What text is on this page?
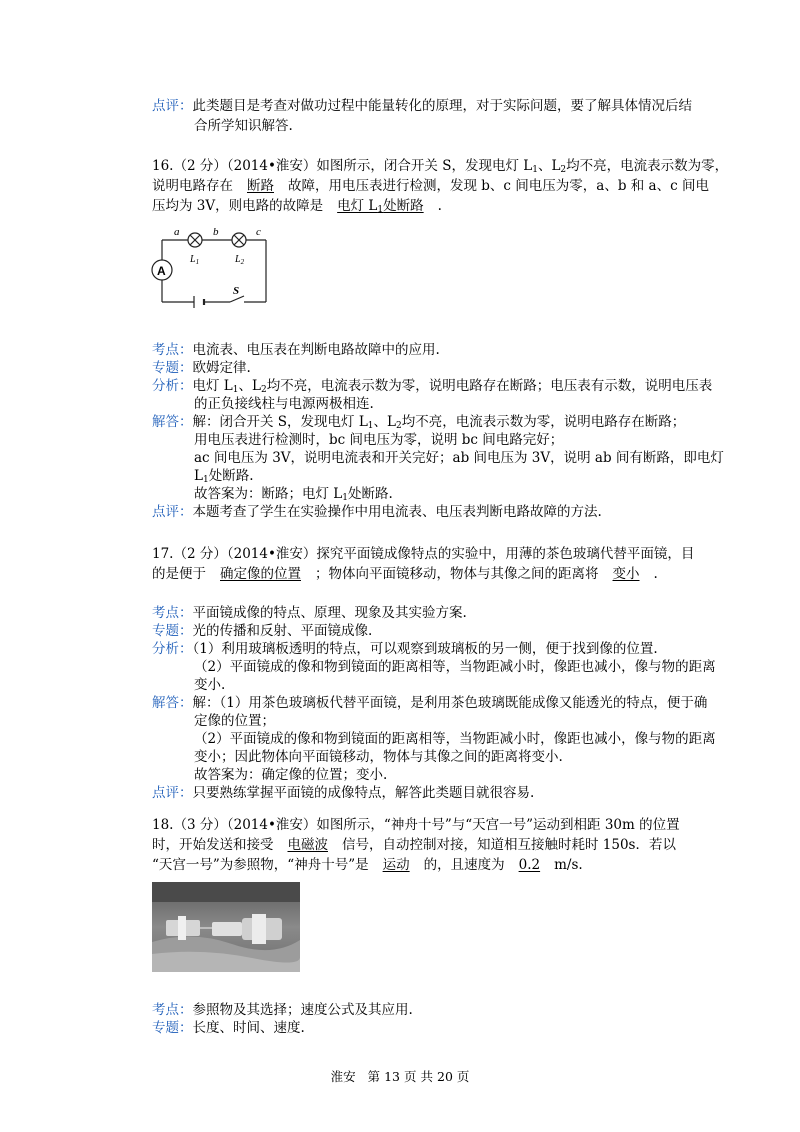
点评：此类题目是考查对做功过程中能量转化的原理，对于实际问题，要了解具体情况后结
合所学知识解答.
16.（2 分）（2014•淮安）如图所示，闭合开关 S，发现电灯 $L_1$、$L_2$均不亮，电流表示数为零，
说明电路存在 断路 故障，用电压表进行检测，发现 b、c 间电压为零，a、b 和 a、c 间电
压均为 3V，则电路的故障是 电灯 $L_1$处断路 .
A
a	b	c
$L_1$	$L_2$
S
考点：电流表、电压表在判断电路故障中的应用.
专题：欧姆定律.
分析：电灯 $L_1$、$L_2$均不亮，电流表示数为零，说明电路存在断路；电压表有示数，说明电压表
的正负接线柱与电源两极相连.
解答：解：闭合开关 S，发现电灯 $L_1$、$L_2$均不亮，电流表示数为零，说明电路存在断路；
用电压表进行检测时，bc 间电压为零，说明 bc 间电路完好；
ac 间电压为 3V，说明电流表和开关完好；ab 间电压为 3V，说明 ab 间有断路，即电灯
$L_1$处断路.
故答案为：断路；电灯 $L_1$处断路.
点评：本题考查了学生在实验操作中用电流表、电压表判断电路故障的方法.
17.（2 分）（2014•淮安）探究平面镜成像特点的实验中，用薄的茶色玻璃代替平面镜，目
的是便于 确定像的位置 ；物体向平面镜移动，物体与其像之间的距离将 变小 .
考点：平面镜成像的特点、原理、现象及其实验方案.
专题：光的传播和反射、平面镜成像.
分析：（1）利用玻璃板透明的特点，可以观察到玻璃板的另一侧，便于找到像的位置.
（2）平面镜成的像和物到镜面的距离相等，当物距减小时，像距也减小，像与物的距离
变小.
解答：解：（1）用茶色玻璃板代替平面镜，是利用茶色玻璃既能成像又能透光的特点，便于确
定像的位置；
（2）平面镜成的像和物到镜面的距离相等，当物距减小时，像距也减小，像与物的距离
变小；因此物体向平面镜移动，物体与其像之间的距离将变小.
故答案为：确定像的位置；变小.
点评：只要熟练掌握平面镜的成像特点，解答此类题目就很容易.
18.（3 分）（2014•淮安）如图所示，“神舟十号”与“天宫一号”运动到相距 30m 的位置
时，开始发送和接受 电磁波 信号，自动控制对接，知道相互接触时耗时 150s．若以
“天宫一号”为参照物，“神舟十号”是 运动 的，且速度为 0.2 m/s.
考点：参照物及其选择；速度公式及其应用.
专题：长度、时间、速度.
淮安 第 13 页 共 20 页
